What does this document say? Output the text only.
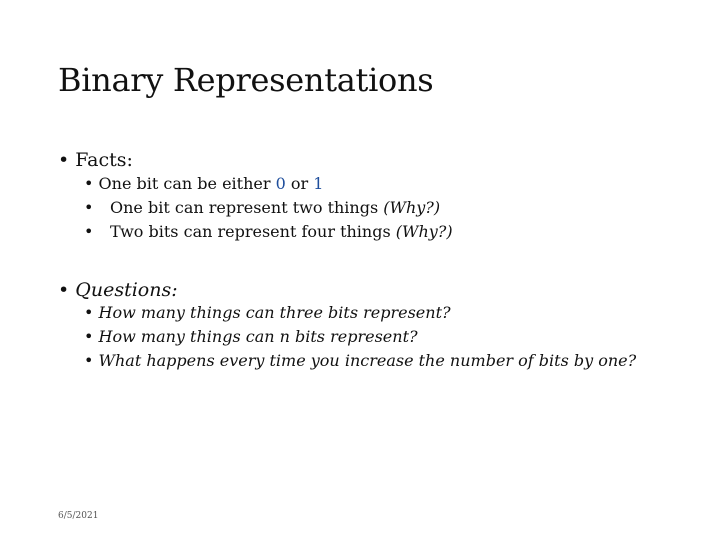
Binary Representations
• Facts:
• One bit can be either 0 or 1
• One bit can represent two things (Why?)
• Two bits can represent four things (Why?)
• Questions:
• How many things can three bits represent?
• How many things can n bits represent?
• What happens every time you increase the number of bits by one?
6/5/2021
